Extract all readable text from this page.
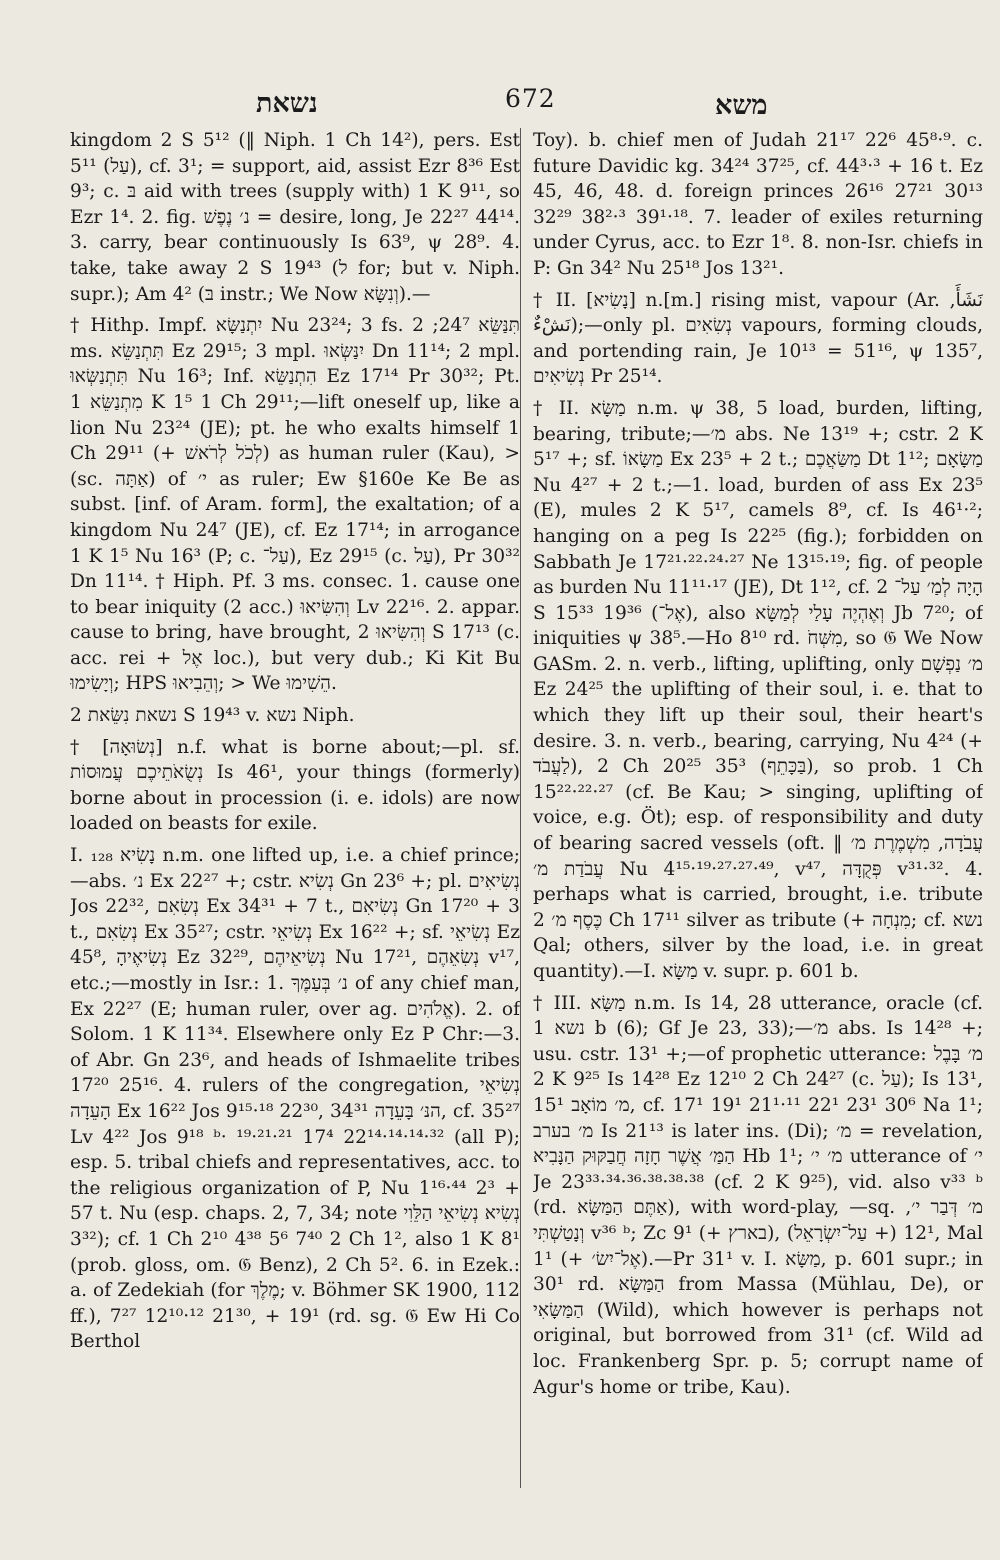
נשאת	672	משא

kingdom 2 S 5¹² (‖ Niph. 1 Ch 14²), pers. Est 5¹¹ (עַל), cf. 3¹; = support, aid, assist Ezr 8³⁶ Est 9³; c. בּ aid with trees (supply with) 1 K 9¹¹, so Ezr 1⁴. 2. fig. נ׳ נֶפֶשׁ = desire, long, Je 22²⁷ 44¹⁴. 3. carry, bear continuously Is 63⁹, ψ 28⁹. 4. take, take away 2 S 19⁴³ (ל for; but v. Niph. supr.); Am 4² (בּ instr.; We Now וְנִשָּׂא).—

† Hithp. Impf. יִתְנַשָּׂא Nu 23²⁴; 3 fs. תִּנַּשֵּׂא 24⁷; 2 ms. תִּתְנַשֵּׂא Ez 29¹⁵; 3 mpl. יִנַּשְּׂאוּ Dn 11¹⁴; 2 mpl. תִּתְנַשְּׂאוּ Nu 16³; Inf. הִתְנַשֵּׂא Ez 17¹⁴ Pr 30³²; Pt. מִתְנַשֵּׂא 1 K 1⁵ 1 Ch 29¹¹;—lift oneself up, like a lion Nu 23²⁴ (JE); pt. he who exalts himself 1 Ch 29¹¹ (+ לְכֹל לְרֹאשׁ) as human ruler (Kau), > (sc. אַתָּה) of י׳ as ruler; Ew §160e Ke Be as subst. [inf. of Aram. form], the exaltation; of a kingdom Nu 24⁷ (JE), cf. Ez 17¹⁴; in arrogance 1 K 1⁵ Nu 16³ (P; c. עַל־), Ez 29¹⁵ (c. עַל), Pr 30³² Dn 11¹⁴. † Hiph. Pf. 3 ms. consec. 1. cause one to bear iniquity (2 acc.) וְהִשִּׂיאוּ Lv 22¹⁶. 2. appar. cause to bring, have brought, וְהִשִּׂיאוּ 2 S 17¹³ (c. acc. rei + אֶל loc.), but very dub.; Ki Kit Bu וְיָשִׂימוּ; HPS וְהֵבִיאוּ; > We הֵשִׁימוּ.

נשאת נִשֵּׂאת 2 S 19⁴³ v. נשא Niph.

† [נְשׂוּאָה] n.f. what is borne about;—pl. sf. נְשֻׂאֹתֵיכֶם עֲמוּסוֹת Is 46¹, your things (formerly) borne about in procession (i. e. idols) are now loaded on beasts for exile.

I. נָשִׂיא ₁₂₈ n.m. one lifted up, i.e. a chief prince;—abs. נ׳ Ex 22²⁷ +; cstr. נְשִׂיא Gn 23⁶ +; pl. נְשִׂיאִים Jos 22³², נְשִׂאִם Ex 34³¹ + 7 t., נְשִׂיאִם Gn 17²⁰ + 3 t., נְשִׂאִם Ex 35²⁷; cstr. נְשִׂיאֵי Ex 16²² +; sf. נְשִׂיאֵי Ez 45⁸, נְשִׂיאֶיהָ Ez 32²⁹, נְשִׂיאֵיהֶם Nu 17²¹, נְשִׂאֵהֶם v¹⁷, etc.;—mostly in Isr.: 1. נ׳ בְּעַמֶּךָ of any chief man, Ex 22²⁷ (E; human ruler, over ag. אֱלֹהִים). 2. of Solom. 1 K 11³⁴. Elsewhere only Ez P Chr:—3. of Abr. Gn 23⁶, and heads of Ishmaelite tribes 17²⁰ 25¹⁶. 4. rulers of the congregation, נְשִׂיאֵי הָעֵדָה Ex 16²² Jos 9¹⁵·¹⁸ 22³⁰, הנּ׳ בָּעֵדָה 34³¹, cf. 35²⁷ Lv 4²² Jos 9¹⁸ ᵇ· ¹⁹·²¹·²¹ 17⁴ 22¹⁴·¹⁴·¹⁴·³² (all P); esp. 5. tribal chiefs and representatives, acc. to the religious organization of P, Nu 1¹⁶·⁴⁴ 2³ + 57 t. Nu (esp. chaps. 2, 7, 34; note נְשִׂיא נְשִׂיאֵי הַלֵּוִי 3³²); cf. 1 Ch 2¹⁰ 4³⁸ 5⁶ 7⁴⁰ 2 Ch 1², also 1 K 8¹ (prob. gloss, om. 𝔊 Benz), 2 Ch 5². 6. in Ezek.: a. of Zedekiah (for מֶלֶךְ; v. Böhmer SK 1900, 112 ff.), 7²⁷ 12¹⁰·¹² 21³⁰, + 19¹ (rd. sg. 𝔊 Ew Hi Co Berthol

Toy). b. chief men of Judah 21¹⁷ 22⁶ 45⁸·⁹. c. future Davidic kg. 34²⁴ 37²⁵, cf. 44³·³ + 16 t. Ez 45, 46, 48. d. foreign princes 26¹⁶ 27²¹ 30¹³ 32²⁹ 38²·³ 39¹·¹⁸. 7. leader of exiles returning under Cyrus, acc. to Ezr 1⁸. 8. non-Isr. chiefs in P: Gn 34² Nu 25¹⁸ Jos 13²¹.

† II. [נָשִׂיא] n.[m.] rising mist, vapour (Ar. نَشَأَ, نَشْءٌ);—only pl. נְשִׂאִים vapours, forming clouds, and portending rain, Je 10¹³ = 51¹⁶, ψ 135⁷, נְשִׂיאִים Pr 25¹⁴.

† II. מַשָּׂא n.m. ψ 38, 5 load, burden, lifting, bearing, tribute;—מ׳ abs. Ne 13¹⁹ +; cstr. 2 K 5¹⁷ +; sf. מַשָּׂאוֹ Ex 23⁵ + 2 t.; מַשַּׂאֲכֶם Dt 1¹²; מַשָּׂאָם Nu 4²⁷ + 2 t.;—1. load, burden of ass Ex 23⁵ (E), mules 2 K 5¹⁷, camels 8⁹, cf. Is 46¹·²; hanging on a peg Is 22²⁵ (fig.); forbidden on Sabbath Je 17²¹·²²·²⁴·²⁷ Ne 13¹⁵·¹⁹; fig. of people as burden Nu 11¹¹·¹⁷ (JE), Dt 1¹², cf. הָיָה לְמַ׳ עַל־ 2 S 15³³ 19³⁶ (אֶל־), also וְאֶהְיֶה עָלַי לְמַשָּׂא Jb 7²⁰; of iniquities ψ 38⁵.—Ho 8¹⁰ rd. מִשְּׁחֹ, so 𝔊 We Now GASm. 2. n. verb., lifting, uplifting, only מ׳ נַפְשָׁם Ez 24²⁵ the uplifting of their soul, i. e. that to which they lift up their soul, their heart's desire. 3. n. verb., bearing, carrying, Nu 4²⁴ (+ לַעֲבֹד), 2 Ch 20²⁵ 35³ (בַּכָּתֵף), so prob. 1 Ch 15²²·²²·²⁷ (cf. Be Kau; > singing, uplifting of voice, e.g. Öt); esp. of responsibility and duty of bearing sacred vessels (oft. ‖ עֲבֹדָה, מִשְׁמֶרֶת מ׳ עֲבֹדַת מ׳ Nu 4¹⁵·¹⁹·²⁷·²⁷·⁴⁹, v⁴⁷, פְּקֻדָּה v³¹·³². 4. perhaps what is carried, brought, i.e. tribute כֶּסֶף מ׳ 2 Ch 17¹¹ silver as tribute (+ מִנְחָה; cf. נשא Qal; others, silver by the load, i.e. in great quantity).—I. מַשָּׂא v. supr. p. 601 b.

† III. מַשָּׂא n.m. Is 14, 28 utterance, oracle (cf. נשא 1 b (6); Gf Je 23, 33);—מ׳ abs. Is 14²⁸ +; usu. cstr. 13¹ +;—of prophetic utterance: מ׳ בָּבֶל 2 K 9²⁵ Is 14²⁸ Ez 12¹⁰ 2 Ch 24²⁷ (c. עַל); Is 13¹, מ׳ מוֹאָב 15¹, cf. 17¹ 19¹ 21¹·¹¹ 22¹ 23¹ 30⁶ Na 1¹; מ׳ בערב Is 21¹³ is later ins. (Di); מ׳ = revelation, הַמַּ׳ אֲשֶׁר חָזָה חֲבַקּוּק הַנָּבִיא Hb 1¹; מ׳ י׳ utterance of י׳ Je 23³³·³⁴·³⁶·³⁸·³⁸·³⁸ (cf. 2 K 9²⁵), vid. also v³³ ᵇ (rd. אַתֶּם הַמַּשָּׂא), with word-play, —sq. מ׳ דְּבַר י׳, וְנָטַשְׁתִּי v³⁶ ᵇ; Zc 9¹ (+ בארץ), 12¹ (+ עַל־יִשְׂרָאֵל), Mal 1¹ (+ אֶל־יִשׂ׳).—Pr 31¹ v. I. מַשָּׂא, p. 601 supr.; in 30¹ rd. הַמַּשָּׂא from Massa (Mühlau, De), or הַמַּשָּׂאִי (Wild), which however is perhaps not original, but borrowed from 31¹ (cf. Wild ad loc. Frankenberg Spr. p. 5; corrupt name of Agur's home or tribe, Kau).
